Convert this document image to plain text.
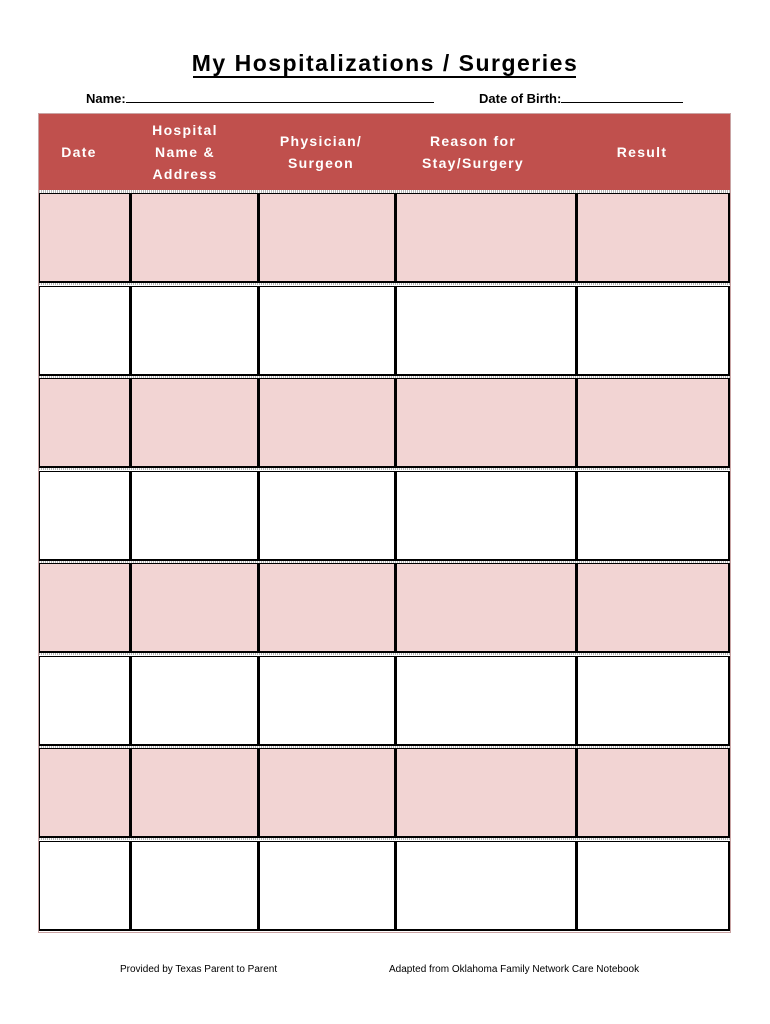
My Hospitalizations / Surgeries
Name:	Date of Birth:
Date
Hospital
Name &
Address
Physician/
Surgeon
Reason for
Stay/Surgery
Result
Provided by Texas Parent to Parent	Adapted from Oklahoma Family Network Care Notebook
